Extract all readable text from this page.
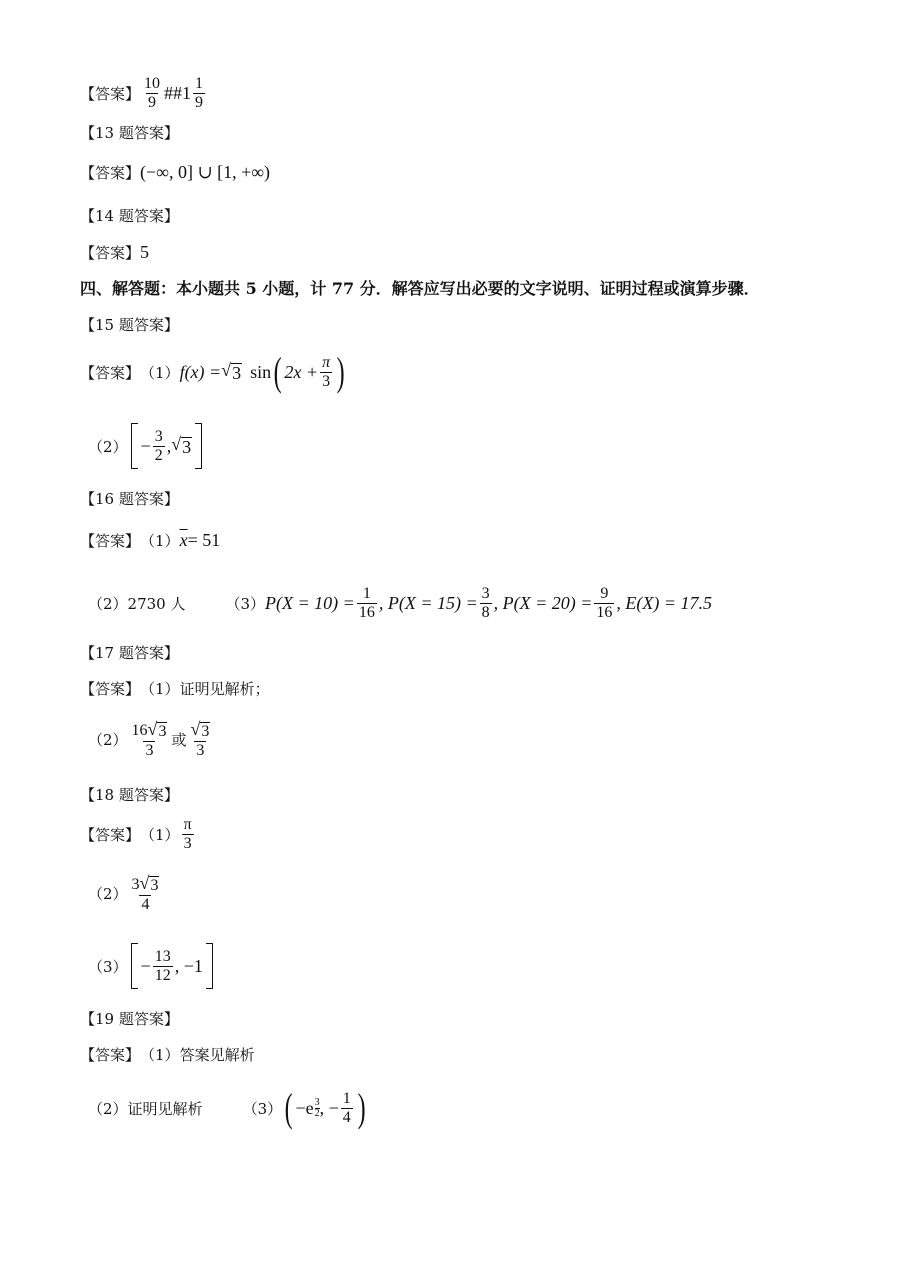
【答案】 $\frac{10}{9}$ ## $1 \frac{1}{9}$
【13 题答案】
【答案】 (−∞, 0] ∪ [1, +∞)
【14 题答案】
【答案】 5
四、解答题：本小题共 5 小题，计 77 分．解答应写出必要的文字说明、证明过程或演算步骤．
【15 题答案】
【答案】 （1） f(x) = √ 3 sin ( $2x + \frac{\pi}{3}$ )
$(2) - \frac{3}{2}$ , √ 3
【16 题答案】
【答案】 （1） $\overline{x} = 51$
（2） 2730 人	（3） $P(X = 10) = \frac{1}{16}$ , $P(X = 15) = \frac{3}{8}$ , $P(X = 20) = \frac{9}{16}$ , E(X) = 17.5
【17 题答案】
【答案】 （1） 证明见解析；
$(2) \frac{16 √ 3}{3}$ 或 $\frac{√ 3}{3}$
【18 题答案】
【答案】 $(1) \frac{\pi}{3}$
$(2) \frac{3 √ 3}{4}$
$(3) - \frac{13}{12}$ , −1
【19 题答案】
【答案】 （1） 答案见解析
（2） 证明见解析	（3） ( $-e \frac{3}{2}$ , − $\frac{1}{4}$ )
